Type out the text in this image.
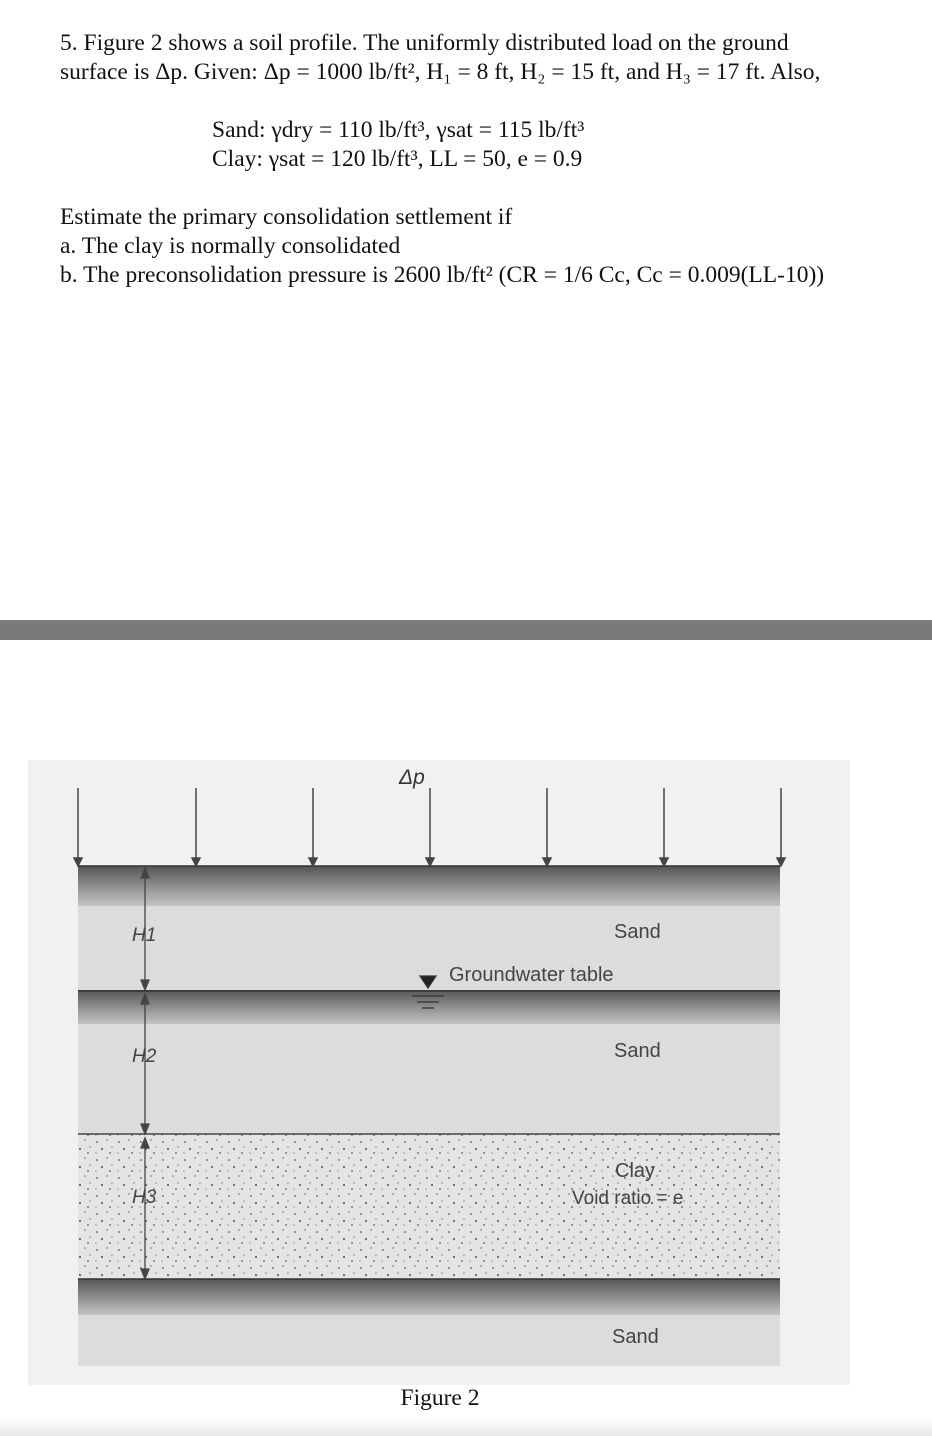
5. Figure 2 shows a soil profile. The uniformly distributed load on the ground
surface is Δp. Given: Δp = 1000 lb/ft², H₁ = 8 ft, H₂ = 15 ft, and H₃ = 17 ft. Also,
Sand: γdry = 110 lb/ft³, γsat = 115 lb/ft³
Clay: γsat = 120 lb/ft³, LL = 50, e = 0.9
Estimate the primary consolidation settlement if
a. The clay is normally consolidated
b. The preconsolidation pressure is 2600 lb/ft² (CR = 1/6 Cc, Cc = 0.009(LL-10))
Δp
H1
H2
H3
Sand
Groundwater table
Sand
Clay
Void ratio = e
Sand
Figure 2
